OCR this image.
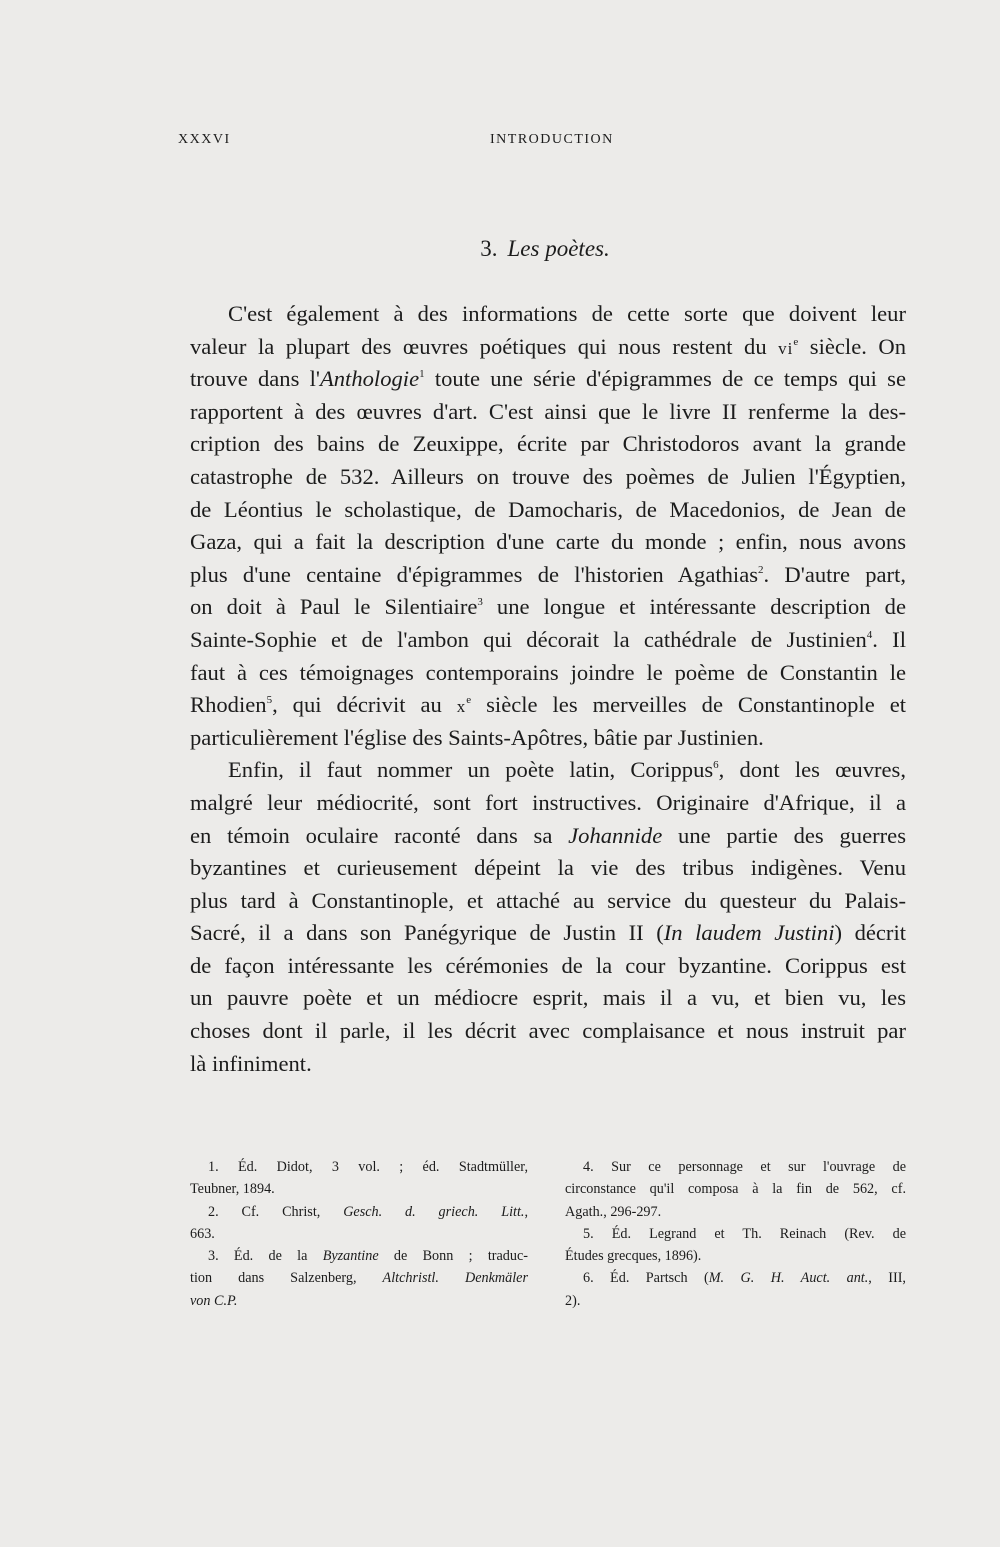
XXXVI	INTRODUCTION
3. Les poètes.
C'est également à des informations de cette sorte que doivent leur
valeur la plupart des œuvres poétiques qui nous restent du $vi^e$ siècle. On
trouve dans l'Anthologie$^1$ toute une série d'épigrammes de ce temps qui se
rapportent à des œuvres d'art. C'est ainsi que le livre II renferme la des-
cription des bains de Zeuxippe, écrite par Christodoros avant la grande
catastrophe de 532. Ailleurs on trouve des poèmes de Julien l'Égyptien,
de Léontius le scholastique, de Damocharis, de Macedonios, de Jean de
Gaza, qui a fait la description d'une carte du monde ; enfin, nous avons
plus d'une centaine d'épigrammes de l'historien Agathias$^2$. D'autre part,
on doit à Paul le Silentiaire$^3$ une longue et intéressante description de
Sainte-Sophie et de l'ambon qui décorait la cathédrale de Justinien$^4$. Il
faut à ces témoignages contemporains joindre le poème de Constantin le
Rhodien$^5$, qui décrivit au $x^e$ siècle les merveilles de Constantinople et
particulièrement l'église des Saints-Apôtres, bâtie par Justinien.
Enfin, il faut nommer un poète latin, Corippus$^6$, dont les œuvres,
malgré leur médiocrité, sont fort instructives. Originaire d'Afrique, il a
en témoin oculaire raconté dans sa Johannide une partie des guerres
byzantines et curieusement dépeint la vie des tribus indigènes. Venu
plus tard à Constantinople, et attaché au service du questeur du Palais-
Sacré, il a dans son Panégyrique de Justin II (In laudem Justini) décrit
de façon intéressante les cérémonies de la cour byzantine. Corippus est
un pauvre poète et un médiocre esprit, mais il a vu, et bien vu, les
choses dont il parle, il les décrit avec complaisance et nous instruit par
là infiniment.
1. Éd. Didot, 3 vol. ; éd. Stadtmüller,
Teubner, 1894.
2. Cf. Christ, Gesch. d. griech. Litt.,
663.
3. Éd. de la Byzantine de Bonn ; traduc-
tion dans Salzenberg, Altchristl. Denkmäler
von C.P.
4. Sur ce personnage et sur l'ouvrage de
circonstance qu'il composa à la fin de 562, cf.
Agath., 296-297.
5. Éd. Legrand et Th. Reinach (Rev. de
Études grecques, 1896).
6. Éd. Partsch (M. G. H. Auct. ant., III,
2).
